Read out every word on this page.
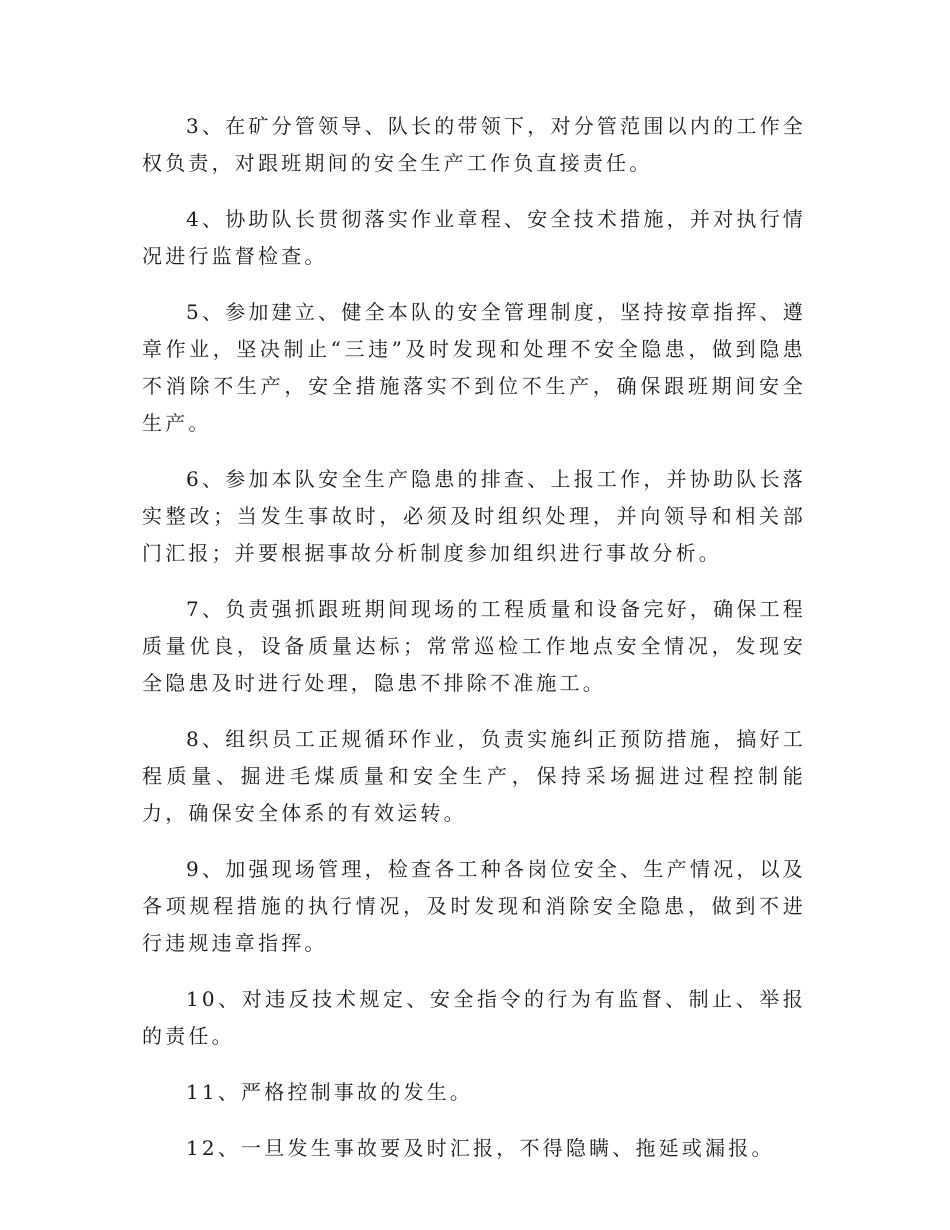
3、在矿分管领导、队长的带领下，对分管范围以内的工作全权负责，对跟班期间的安全生产工作负直接责任。

4、协助队长贯彻落实作业章程、安全技术措施，并对执行情况进行监督检查。

5、参加建立、健全本队的安全管理制度，坚持按章指挥、遵章作业，坚决制止“三违”及时发现和处理不安全隐患，做到隐患不消除不生产，安全措施落实不到位不生产，确保跟班期间安全生产。

6、参加本队安全生产隐患的排查、上报工作，并协助队长落实整改；当发生事故时，必须及时组织处理，并向领导和相关部门汇报；并要根据事故分析制度参加组织进行事故分析。

7、负责强抓跟班期间现场的工程质量和设备完好，确保工程质量优良，设备质量达标；常常巡检工作地点安全情况，发现安全隐患及时进行处理，隐患不排除不准施工。

8、组织员工正规循环作业，负责实施纠正预防措施，搞好工程质量、掘进毛煤质量和安全生产，保持采场掘进过程控制能力，确保安全体系的有效运转。

9、加强现场管理，检查各工种各岗位安全、生产情况，以及各项规程措施的执行情况，及时发现和消除安全隐患，做到不进行违规违章指挥。

10、对违反技术规定、安全指令的行为有监督、制止、举报的责任。

11、严格控制事故的发生。

12、一旦发生事故要及时汇报，不得隐瞒、拖延或漏报。
